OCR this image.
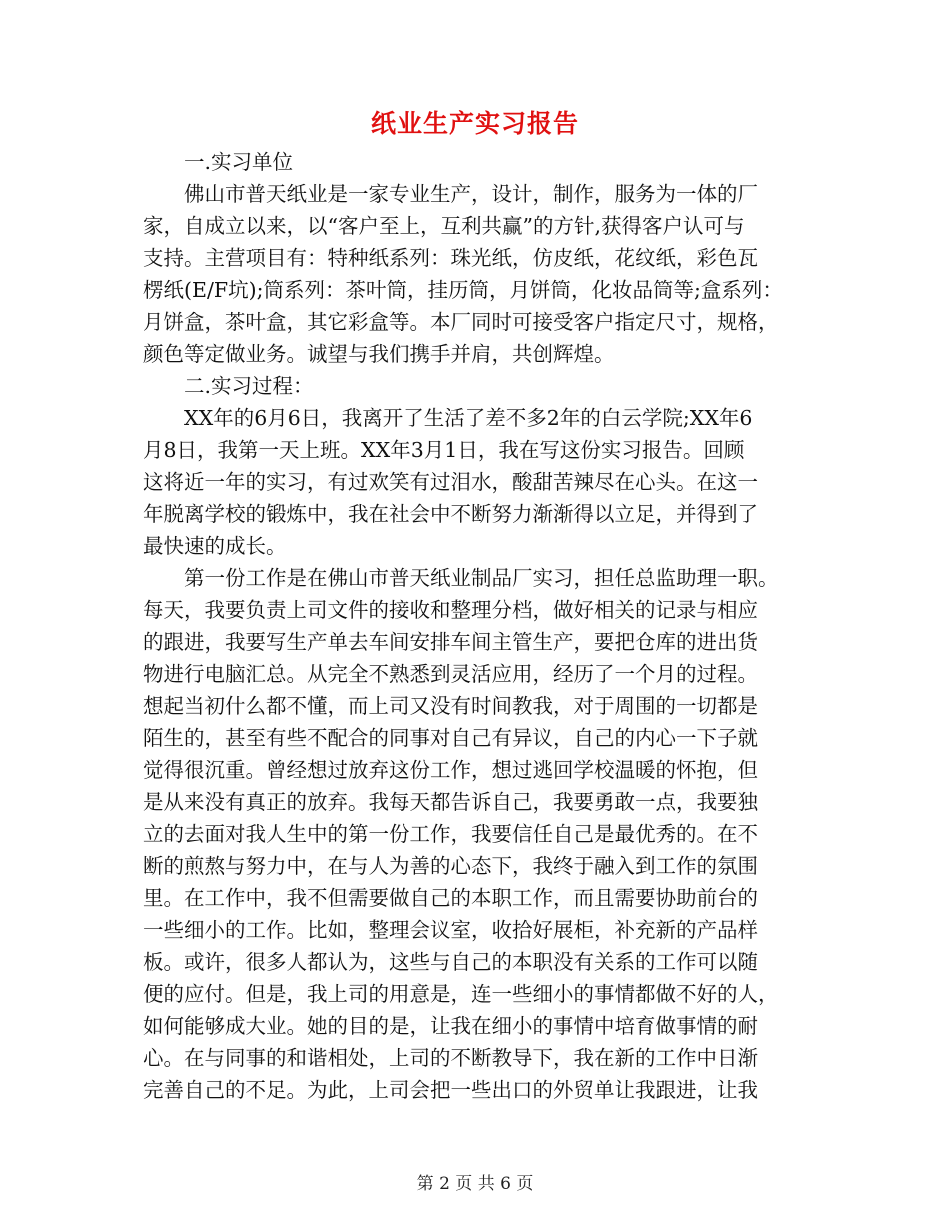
纸业生产实习报告
一.实习单位
佛山市普天纸业是一家专业生产，设计，制作，服务为一体的厂
家，自成立以来，以“客户至上，互利共赢”的方针,获得客户认可与
支持。主营项目有：特种纸系列：珠光纸，仿皮纸，花纹纸，彩色瓦
楞纸(E/F坑);筒系列：茶叶筒，挂历筒，月饼筒，化妆品筒等;盒系列：
月饼盒，茶叶盒，其它彩盒等。本厂同时可接受客户指定尺寸，规格，
颜色等定做业务。诚望与我们携手并肩，共创辉煌。
二.实习过程：
XX年的6月6日，我离开了生活了差不多2年的白云学院;XX年6
月8日，我第一天上班。XX年3月1日，我在写这份实习报告。回顾
这将近一年的实习，有过欢笑有过泪水，酸甜苦辣尽在心头。在这一
年脱离学校的锻炼中，我在社会中不断努力渐渐得以立足，并得到了
最快速的成长。
第一份工作是在佛山市普天纸业制品厂实习，担任总监助理一职。
每天，我要负责上司文件的接收和整理分档，做好相关的记录与相应
的跟进，我要写生产单去车间安排车间主管生产，要把仓库的进出货
物进行电脑汇总。从完全不熟悉到灵活应用，经历了一个月的过程。
想起当初什么都不懂，而上司又没有时间教我，对于周围的一切都是
陌生的，甚至有些不配合的同事对自己有异议，自己的内心一下子就
觉得很沉重。曾经想过放弃这份工作，想过逃回学校温暖的怀抱，但
是从来没有真正的放弃。我每天都告诉自己，我要勇敢一点，我要独
立的去面对我人生中的第一份工作，我要信任自己是最优秀的。在不
断的煎熬与努力中，在与人为善的心态下，我终于融入到工作的氛围
里。在工作中，我不但需要做自己的本职工作，而且需要协助前台的
一些细小的工作。比如，整理会议室，收拾好展柜，补充新的产品样
板。或许，很多人都认为，这些与自己的本职没有关系的工作可以随
便的应付。但是，我上司的用意是，连一些细小的事情都做不好的人，
如何能够成大业。她的目的是，让我在细小的事情中培育做事情的耐
心。在与同事的和谐相处，上司的不断教导下，我在新的工作中日渐
完善自己的不足。为此，上司会把一些出口的外贸单让我跟进，让我
第 2 页 共 6 页
